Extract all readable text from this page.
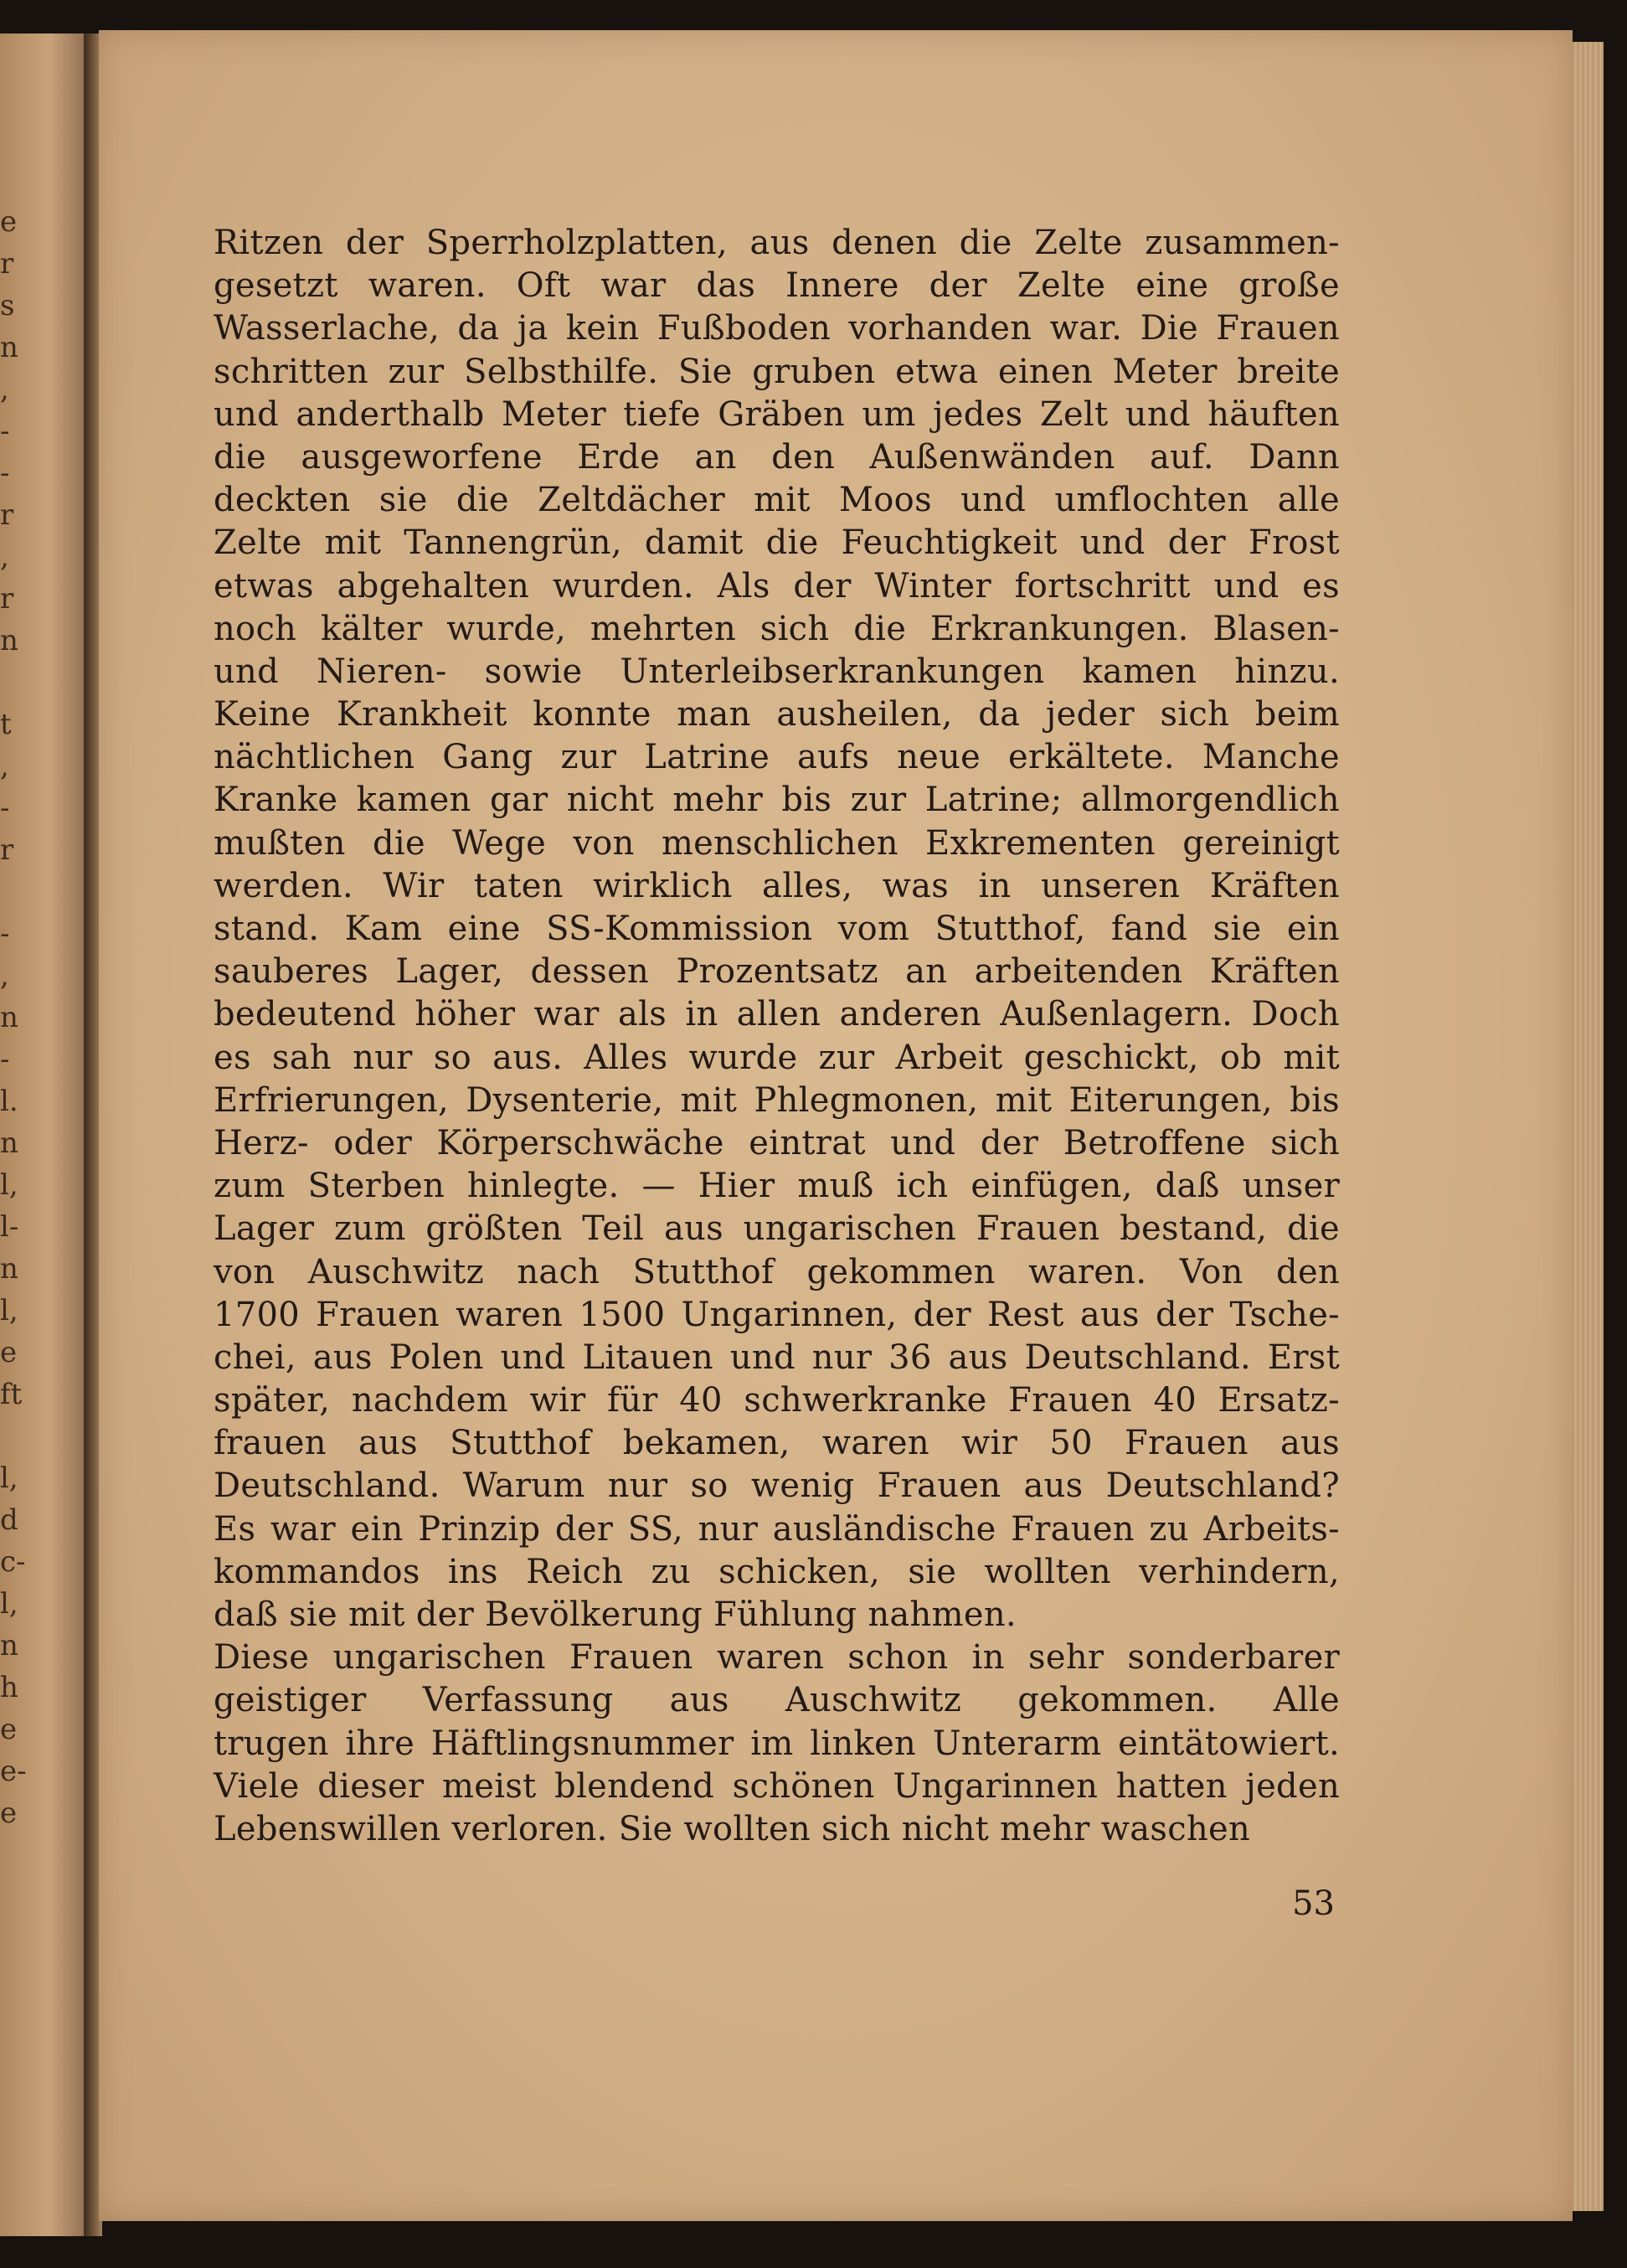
e
r
s
n
,
-
-
r
,
r
n
t
,
-
r
-
,
n
-
l.
n
l,
l-
n
l,
e
ft
l,
d
c-
l,
n
h
e
e-
e
Ritzen der Sperrholzplatten, aus denen die Zelte zusammen-
gesetzt waren. Oft war das Innere der Zelte eine große
Wasserlache, da ja kein Fußboden vorhanden war. Die Frauen
schritten zur Selbsthilfe. Sie gruben etwa einen Meter breite
und anderthalb Meter tiefe Gräben um jedes Zelt und häuften
die ausgeworfene Erde an den Außenwänden auf. Dann
deckten sie die Zeltdächer mit Moos und umflochten alle
Zelte mit Tannengrün, damit die Feuchtigkeit und der Frost
etwas abgehalten wurden. Als der Winter fortschritt und es
noch kälter wurde, mehrten sich die Erkrankungen. Blasen-
und Nieren- sowie Unterleibserkrankungen kamen hinzu.
Keine Krankheit konnte man ausheilen, da jeder sich beim
nächtlichen Gang zur Latrine aufs neue erkältete. Manche
Kranke kamen gar nicht mehr bis zur Latrine; allmorgendlich
mußten die Wege von menschlichen Exkrementen gereinigt
werden. Wir taten wirklich alles, was in unseren Kräften
stand. Kam eine SS-Kommission vom Stutthof, fand sie ein
sauberes Lager, dessen Prozentsatz an arbeitenden Kräften
bedeutend höher war als in allen anderen Außenlagern. Doch
es sah nur so aus. Alles wurde zur Arbeit geschickt, ob mit
Erfrierungen, Dysenterie, mit Phlegmonen, mit Eiterungen, bis
Herz- oder Körperschwäche eintrat und der Betroffene sich
zum Sterben hinlegte. — Hier muß ich einfügen, daß unser
Lager zum größten Teil aus ungarischen Frauen bestand, die
von Auschwitz nach Stutthof gekommen waren. Von den
1700 Frauen waren 1500 Ungarinnen, der Rest aus der Tsche-
chei, aus Polen und Litauen und nur 36 aus Deutschland. Erst
später, nachdem wir für 40 schwerkranke Frauen 40 Ersatz-
frauen aus Stutthof bekamen, waren wir 50 Frauen aus
Deutschland. Warum nur so wenig Frauen aus Deutschland?
Es war ein Prinzip der SS, nur ausländische Frauen zu Arbeits-
kommandos ins Reich zu schicken, sie wollten verhindern,
daß sie mit der Bevölkerung Fühlung nahmen.
Diese ungarischen Frauen waren schon in sehr sonderbarer
geistiger Verfassung aus Auschwitz gekommen. Alle
trugen ihre Häftlingsnummer im linken Unterarm eintätowiert.
Viele dieser meist blendend schönen Ungarinnen hatten jeden
Lebenswillen verloren. Sie wollten sich nicht mehr waschen
53
